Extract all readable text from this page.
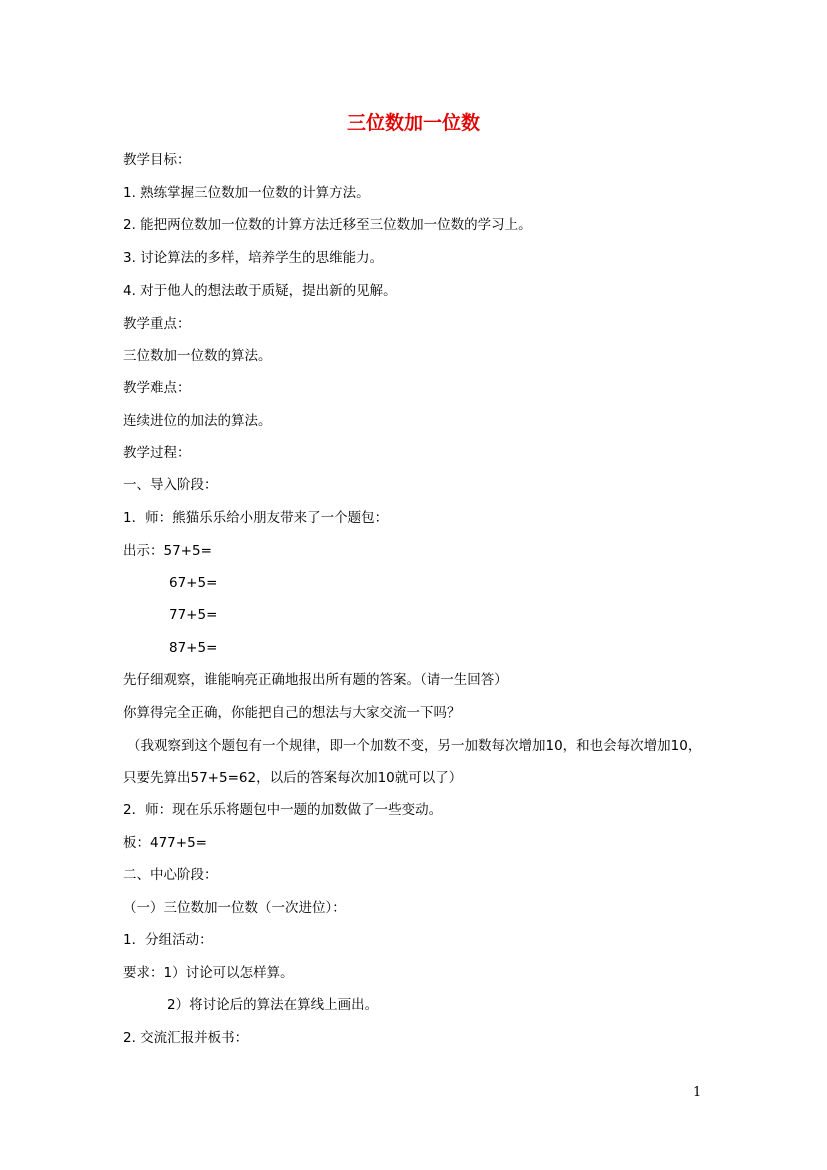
三位数加一位数
教学目标：
1. 熟练掌握三位数加一位数的计算方法。
2. 能把两位数加一位数的计算方法迁移至三位数加一位数的学习上。
3. 讨论算法的多样，培养学生的思维能力。
4. 对于他人的想法敢于质疑，提出新的见解。
教学重点：
三位数加一位数的算法。
教学难点：
连续进位的加法的算法。
教学过程：
一、导入阶段：
1．师：熊猫乐乐给小朋友带来了一个题包：
出示：57+5=
67+5=
77+5=
87+5=
先仔细观察，谁能响亮正确地报出所有题的答案。（请一生回答）
你算得完全正确，你能把自己的想法与大家交流一下吗？
（我观察到这个题包有一个规律，即一个加数不变，另一加数每次增加10，和也会每次增加10，只要先算出57+5=62，以后的答案每次加10就可以了）
2．师：现在乐乐将题包中一题的加数做了一些变动。
板：477+5=
二、中心阶段：
（一）三位数加一位数（一次进位）：
1．分组活动：
要求：1）讨论可以怎样算。
2）将讨论后的算法在算线上画出。
2. 交流汇报并板书：
1
